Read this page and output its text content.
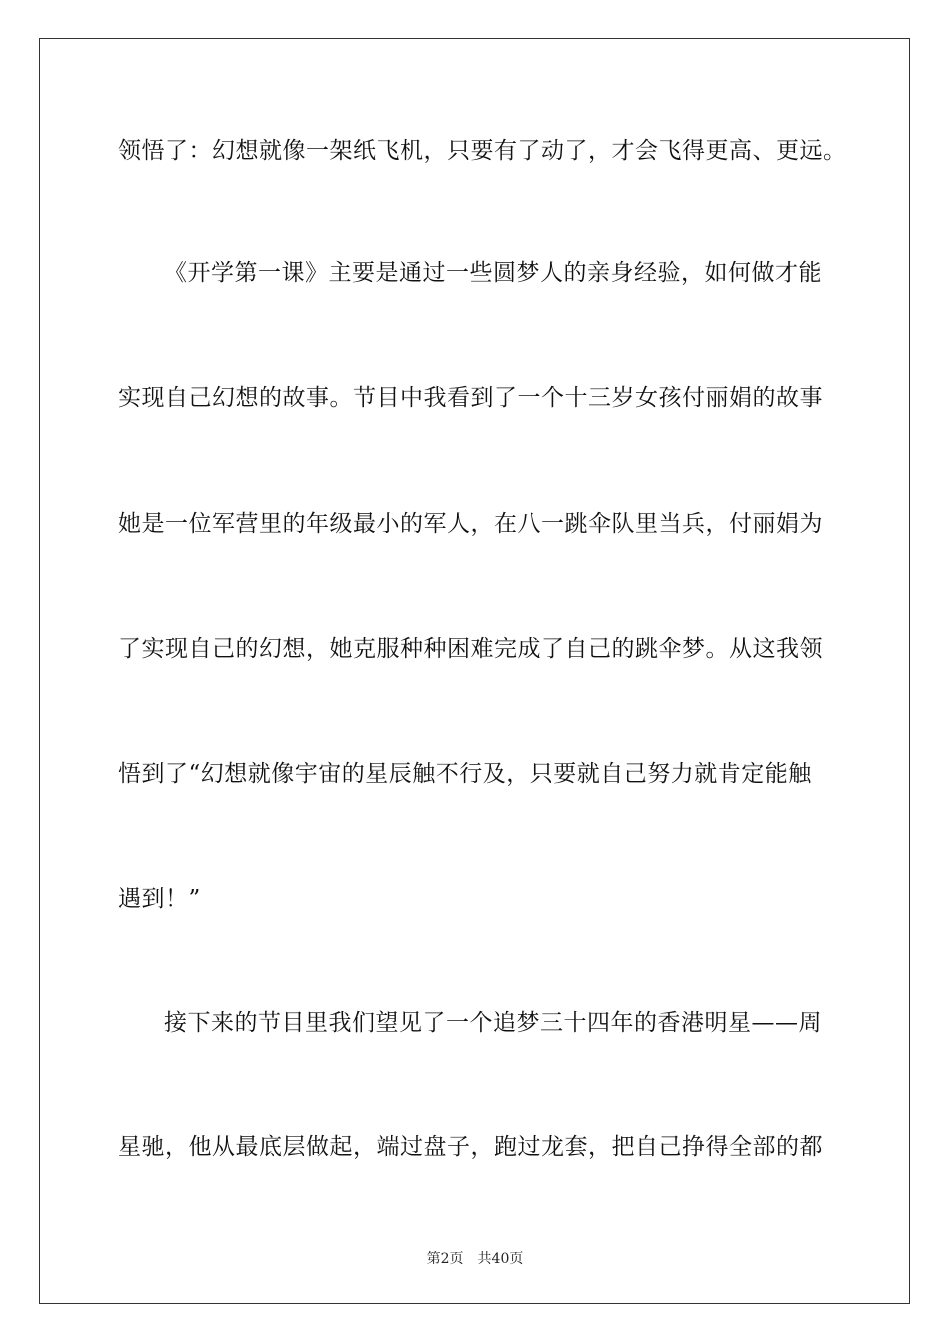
领悟了：幻想就像一架纸飞机，只要有了动了，才会飞得更高、更远。
《开学第一课》主要是通过一些圆梦人的亲身经验，如何做才能
实现自己幻想的故事。节目中我看到了一个十三岁女孩付丽娟的故事
她是一位军营里的年级最小的军人，在八一跳伞队里当兵，付丽娟为
了实现自己的幻想，她克服种种困难完成了自己的跳伞梦。从这我领
悟到了“幻想就像宇宙的星辰触不行及，只要就自己努力就肯定能触
遇到！”
接下来的节目里我们望见了一个追梦三十四年的香港明星——周
星驰，他从最底层做起，端过盘子，跑过龙套，把自己挣得全部的都
第2页 共40页
